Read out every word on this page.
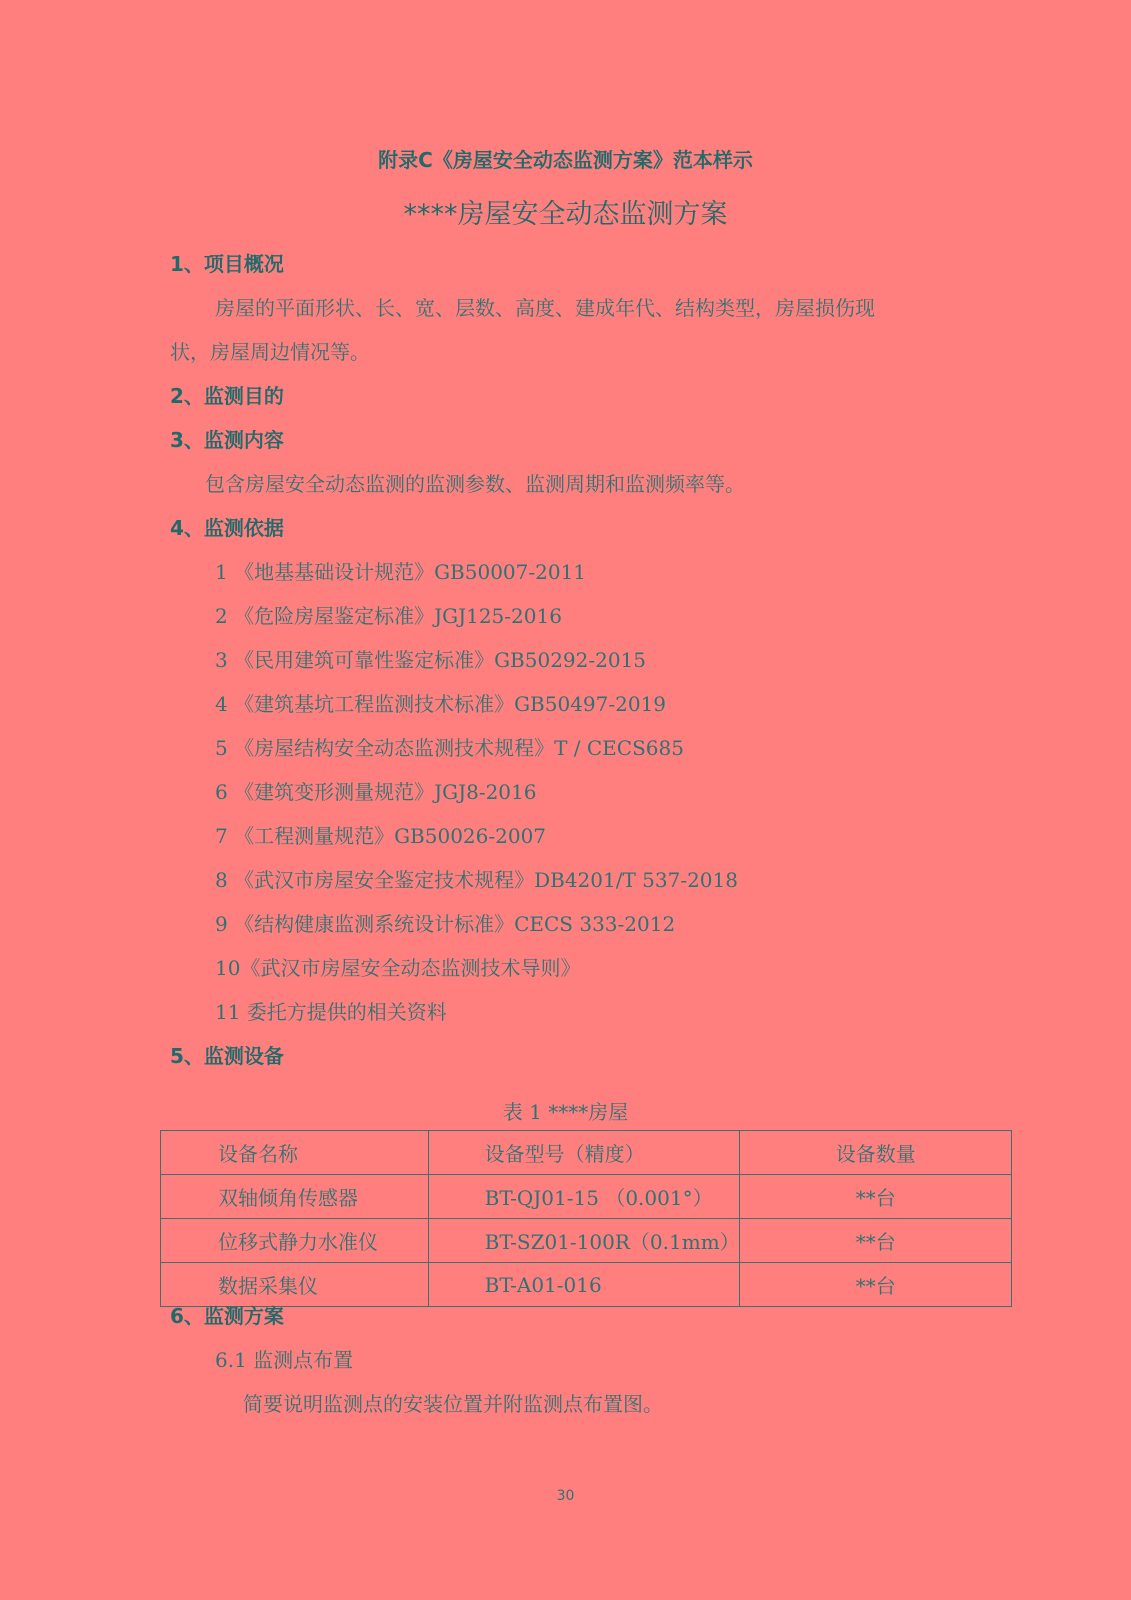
附录C《房屋安全动态监测方案》范本样示
****房屋安全动态监测方案
1、项目概况
房屋的平面形状、长、宽、层数、高度、建成年代、结构类型，房屋损伤现
状，房屋周边情况等。
2、监测目的
3、监测内容
包含房屋安全动态监测的监测参数、监测周期和监测频率等。
4、监测依据
1 《地基基础设计规范》GB50007-2011
2 《危险房屋鉴定标准》JGJ125-2016
3 《民用建筑可靠性鉴定标准》GB50292-2015
4 《建筑基坑工程监测技术标准》GB50497-2019
5 《房屋结构安全动态监测技术规程》T / CECS685
6 《建筑变形测量规范》JGJ8-2016
7 《工程测量规范》GB50026-2007
8 《武汉市房屋安全鉴定技术规程》DB4201/T 537-2018
9 《结构健康监测系统设计标准》CECS 333-2012
10《武汉市房屋安全动态监测技术导则》
11 委托方提供的相关资料
5、监测设备
表 1 ****房屋
设备名称	设备型号（精度）	设备数量
双轴倾角传感器	BT-QJ01-15 （0.001°）	**台
位移式静力水准仪	BT-SZ01-100R（0.1mm）	**台
数据采集仪	BT-A01-016	**台
6、监测方案
6.1 监测点布置
简要说明监测点的安装位置并附监测点布置图。
30
